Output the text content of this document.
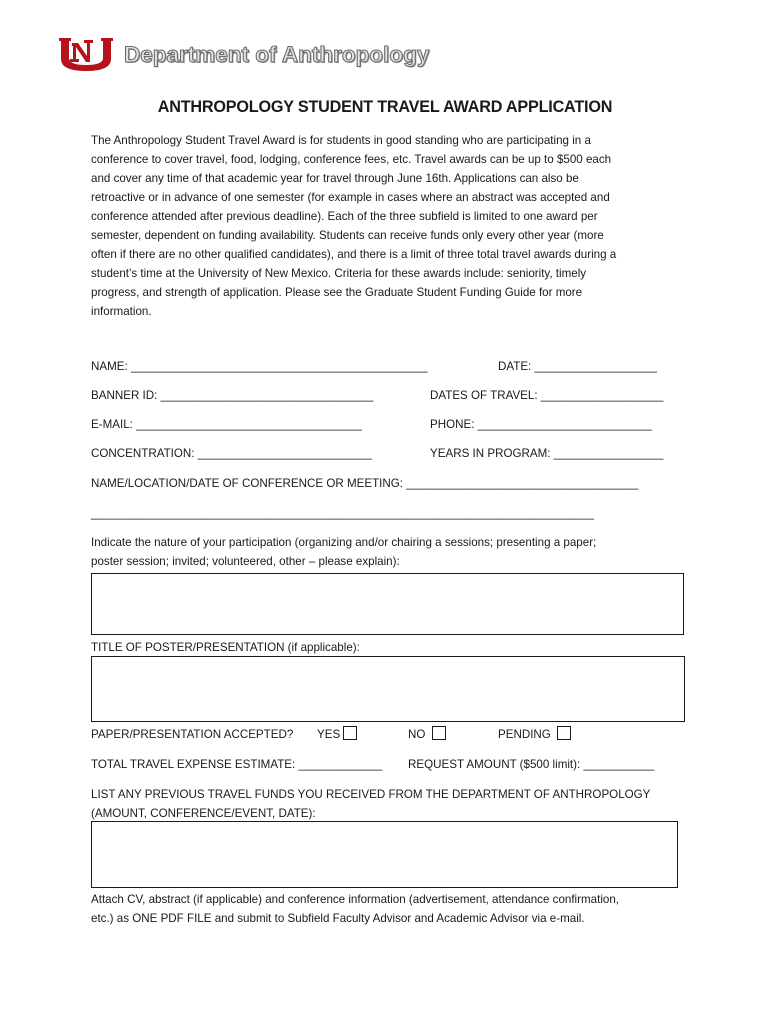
Department of Anthropology
ANTHROPOLOGY STUDENT TRAVEL AWARD APPLICATION
The Anthropology Student Travel Award is for students in good standing who are participating in a
conference to cover travel, food, lodging, conference fees, etc. Travel awards can be up to $500 each
and cover any time of that academic year for travel through June 16th. Applications can also be
retroactive or in advance of one semester (for example in cases where an abstract was accepted and
conference attended after previous deadline). Each of the three subfield is limited to one award per
semester, dependent on funding availability. Students can receive funds only every other year (more
often if there are no other qualified candidates), and there is a limit of three total travel awards during a
student’s time at the University of New Mexico. Criteria for these awards include: seniority, timely
progress, and strength of application. Please see the Graduate Student Funding Guide for more
information.
NAME: ______________________________________________	DATE: ___________________
BANNER ID: _________________________________	DATES OF TRAVEL: ___________________
E-MAIL: ___________________________________	PHONE: ___________________________
CONCENTRATION: ___________________________	YEARS IN PROGRAM: _________________
NAME/LOCATION/DATE OF CONFERENCE OR MEETING: ____________________________________
______________________________________________________________________________
Indicate the nature of your participation (organizing and/or chairing a sessions; presenting a paper;
poster session; invited; volunteered, other – please explain):
TITLE OF POSTER/PRESENTATION (if applicable):
PAPER/PRESENTATION ACCEPTED? YES	NO	PENDING
TOTAL TRAVEL EXPENSE ESTIMATE: _____________ REQUEST AMOUNT ($500 limit): ___________
LIST ANY PREVIOUS TRAVEL FUNDS YOU RECEIVED FROM THE DEPARTMENT OF ANTHROPOLOGY
(AMOUNT, CONFERENCE/EVENT, DATE):
Attach CV, abstract (if applicable) and conference information (advertisement, attendance confirmation,
etc.) as ONE PDF FILE and submit to Subfield Faculty Advisor and Academic Advisor via e-mail.
